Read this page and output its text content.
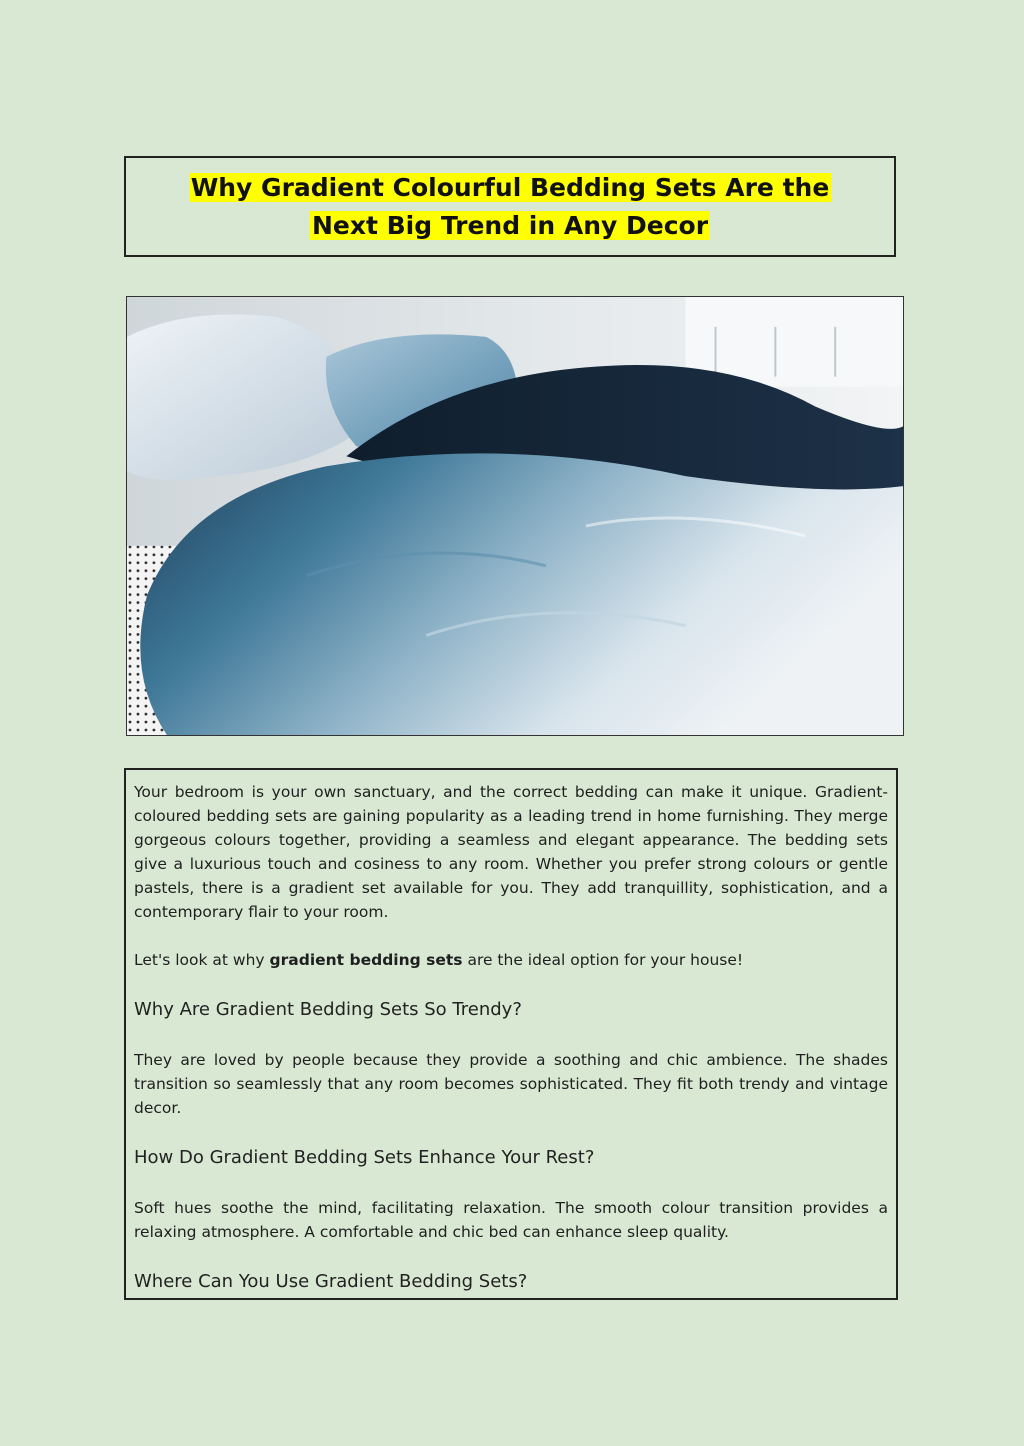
Why Gradient Colourful Bedding Sets Are the
Next Big Trend in Any Decor

Your bedroom is your own sanctuary, and the correct bedding can make it unique. Gradient-coloured bedding sets are gaining popularity as a leading trend in home furnishing. They merge gorgeous colours together, providing a seamless and elegant appearance. The bedding sets give a luxurious touch and cosiness to any room. Whether you prefer strong colours or gentle pastels, there is a gradient set available for you. They add tranquillity, sophistication, and a contemporary flair to your room.

Let's look at why gradient bedding sets are the ideal option for your house!

Why Are Gradient Bedding Sets So Trendy?

They are loved by people because they provide a soothing and chic ambience. The shades transition so seamlessly that any room becomes sophisticated. They fit both trendy and vintage decor.

How Do Gradient Bedding Sets Enhance Your Rest?

Soft hues soothe the mind, facilitating relaxation. The smooth colour transition provides a relaxing atmosphere. A comfortable and chic bed can enhance sleep quality.

Where Can You Use Gradient Bedding Sets?
